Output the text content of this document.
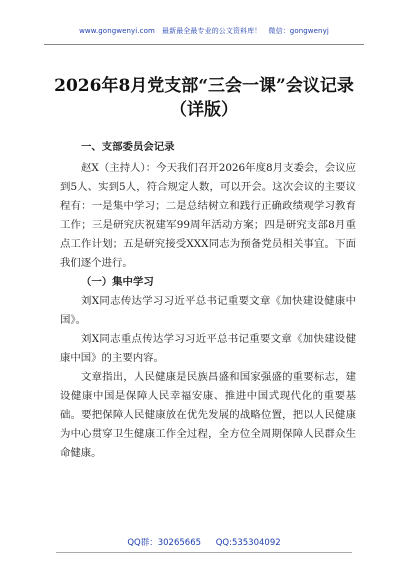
www.gongwenyi.com　最新最全最专业的公文资料库！　微信：gongwenyj
2026年8月党支部“三会一课”会议记录
（详版）

一、支部委员会记录

赵X（主持人）：今天我们召开2026年度8月支委会，会议应到5人、实到5人，符合规定人数，可以开会。这次会议的主要议程有：一是集中学习；二是总结树立和践行正确政绩观学习教育工作；三是研究庆祝建军99周年活动方案；四是研究支部8月重点工作计划；五是研究接受XXX同志为预备党员相关事宜。下面我们逐个进行。

（一）集中学习

刘X同志传达学习习近平总书记重要文章《加快建设健康中国》。

刘X同志重点传达学习习近平总书记重要文章《加快建设健康中国》的主要内容。

文章指出，人民健康是民族昌盛和国家强盛的重要标志，建设健康中国是保障人民幸福安康、推进中国式现代化的重要基础。要把保障人民健康放在优先发展的战略位置，把以人民健康为中心贯穿卫生健康工作全过程，全方位全周期保障人民群众生命健康。

QQ群：30265665 QQ:535304092
